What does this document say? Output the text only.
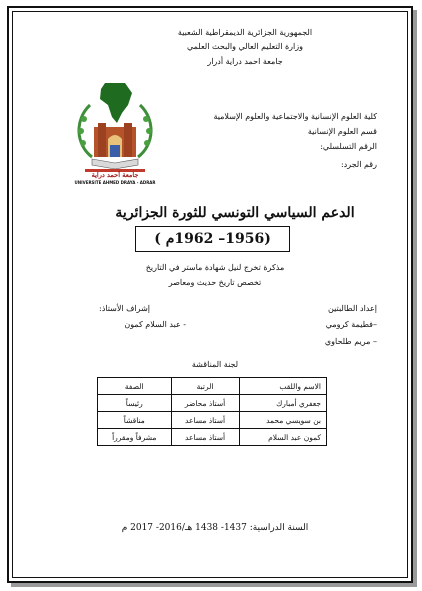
الجمهورية الجزائرية الديمقراطية الشعبية
وزارة التعليم العالي والبحث العلمي
جامعة احمد دراية أدرار
كلية العلوم الإنسانية والاجتماعية والعلوم الإسلامية
قسم العلوم الإنسانية
الرقم التسلسلي:
رقم الجرد:
جامعة أحمد دراية
UNIVERSITE AHMED DRAYA - ADRAR
الدعم السياسي التونسي للثورة الجزائرية
(1956– 1962م )
مذكرة تخرج لنيل شهادة ماستر في التاريخ
تخصص تاريخ حديث ومعاصر
إعداد الطالبتين
إشراف الأستاذ:
–فطيمة كرومي
- عبد السلام كمون
– مريم طلحاوي
لجنة المناقشة
الاسم واللقب	الرتبة	الصفة
جعفري أمبارك	أستاذ محاضر	رئيساً
بن سويسي محمد	أستاذ مساعد	مناقشاً
كمون عبد السلام	أستاذ مساعد	مشرفاً ومقرراً
السنة الدراسية: 1437- 1438 هـ/2016- 2017 م
